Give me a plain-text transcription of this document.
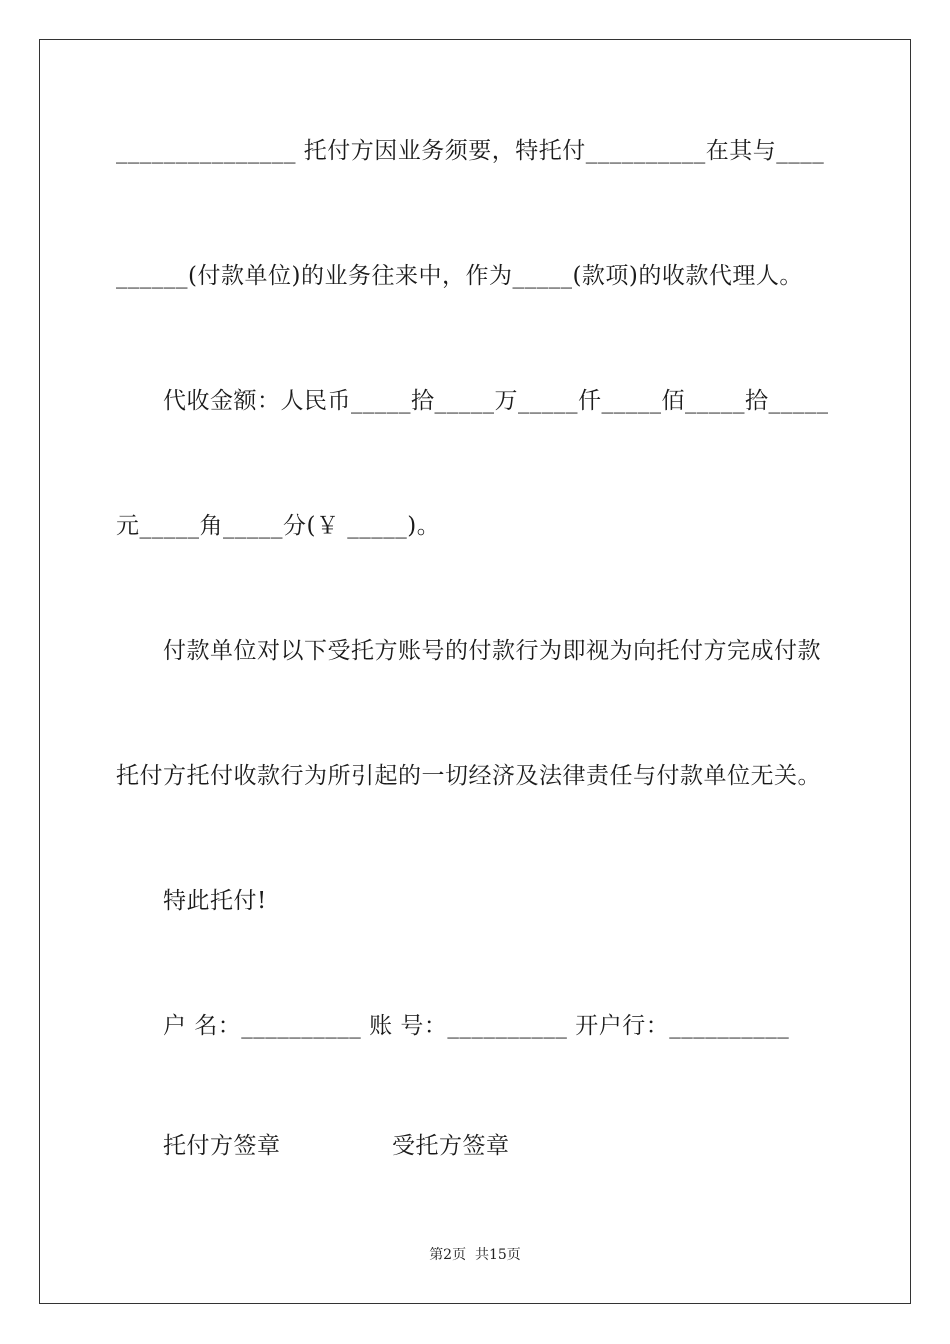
_______________ 托付方因业务须要，特托付__________在其与____
______(付款单位)的业务往来中，作为_____(款项)的收款代理人。
代收金额：人民币_____拾_____万_____仟_____佰_____拾_____
元_____角_____分(￥ _____)。
付款单位对以下受托方账号的付款行为即视为向托付方完成付款
托付方托付收款行为所引起的一切经济及法律责任与付款单位无关。
特此托付!
户 名：__________ 账 号：__________ 开户行：__________
托付方签章	受托方签章
第2页  共15页
